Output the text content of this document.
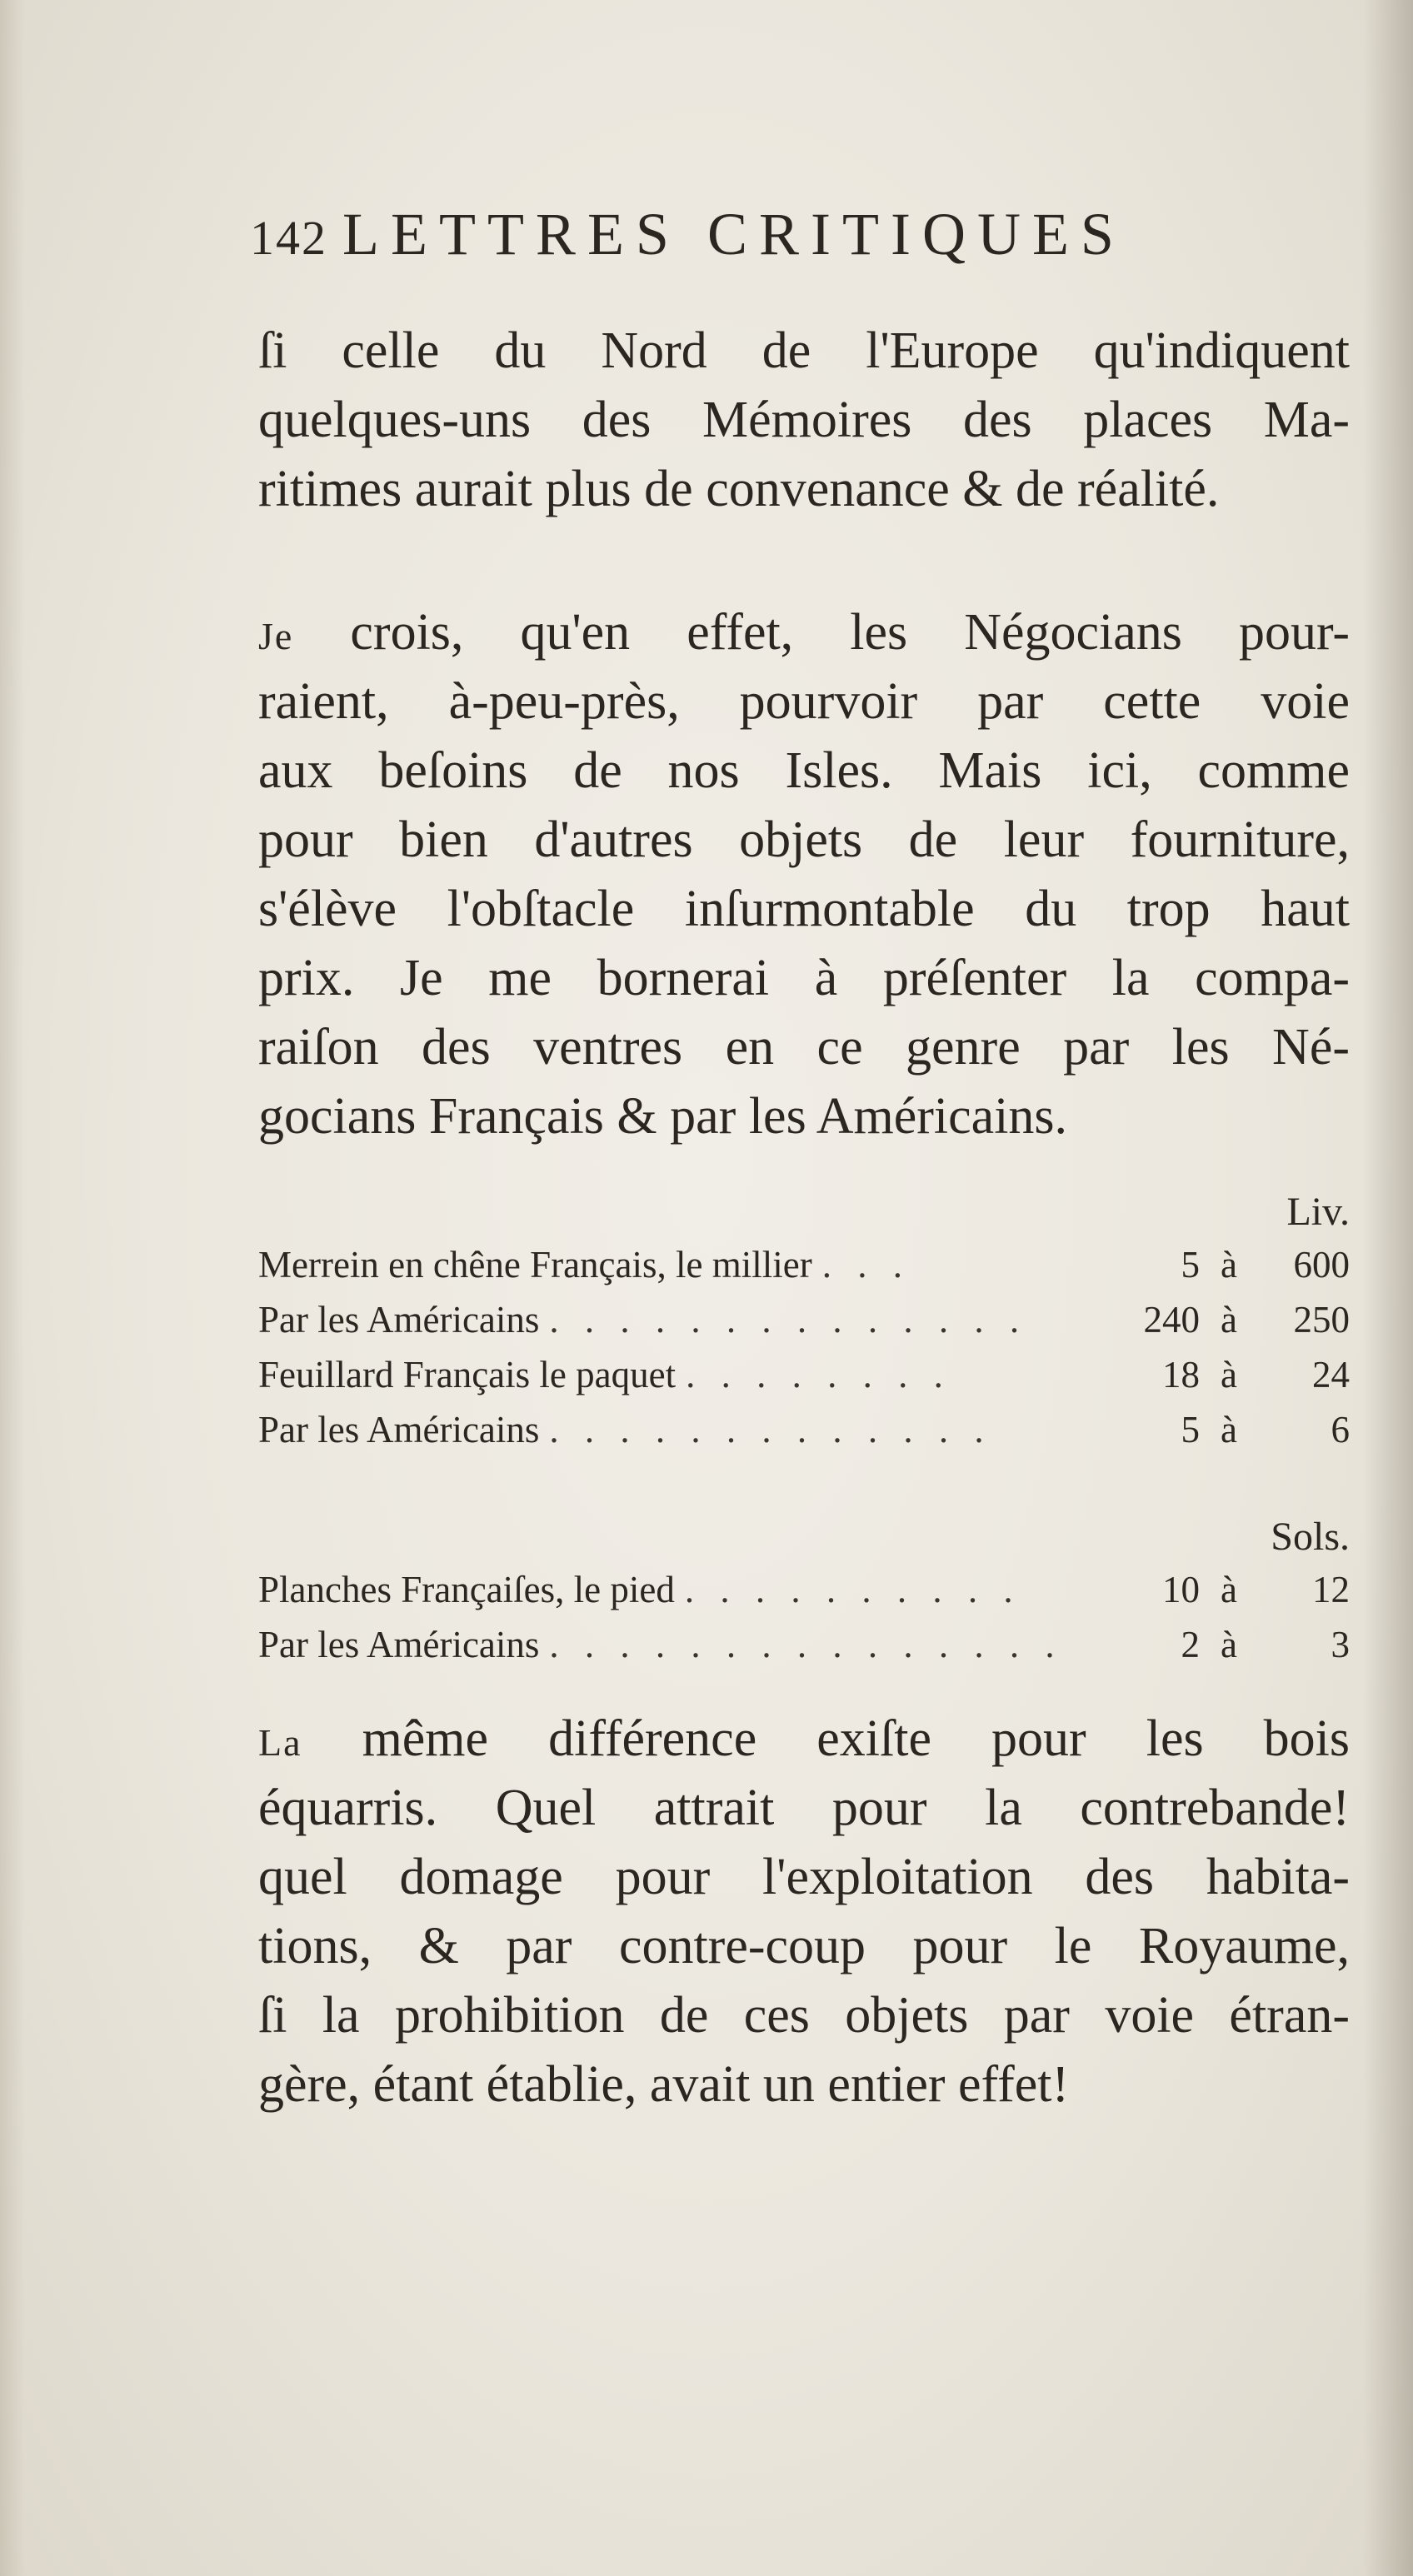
142 LETTRES CRITIQUES
ſi celle du Nord de l'Europe qu'indiquent
quelques-uns des Mémoires des places Ma-
ritimes aurait plus de convenance & de réalité.
Je crois, qu'en effet, les Négocians pour-
raient, à-peu-près, pourvoir par cette voie
aux beſoins de nos Isles. Mais ici, comme
pour bien d'autres objets de leur fourniture,
s'élève l'obſtacle inſurmontable du trop haut
prix. Je me bornerai à préſenter la compa-
raiſon des ventres en ce genre par les Né-
gocians Français & par les Américains.
Liv.
Merrein en chêne Français, le millier . . .	5 à	600
Par les Américains . . . . . . . . . . . . . .	240 à	250
Feuillard Français le paquet . . . . . . . .	18 à	24
Par les Américains . . . . . . . . . . . . .	5 à	6
Sols.
Planches Françaiſes, le pied . . . . . . . . . .	10 à	12
Par les Américains . . . . . . . . . . . . . . .	2 à	3
La même différence exiſte pour les bois
équarris. Quel attrait pour la contrebande!
quel domage pour l'exploitation des habita-
tions, & par contre-coup pour le Royaume,
ſi la prohibition de ces objets par voie étran-
gère, étant établie, avait un entier effet!
